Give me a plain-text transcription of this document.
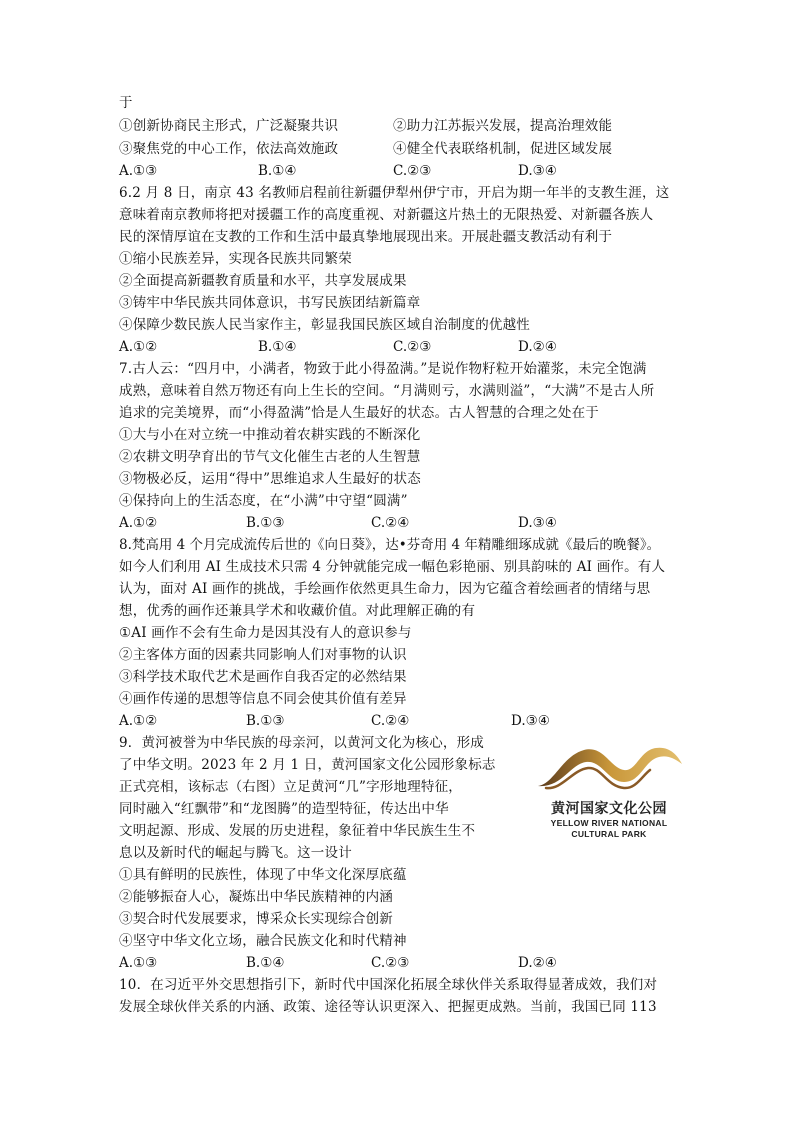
于
①创新协商民主形式，广泛凝聚共识	②助力江苏振兴发展，提高治理效能
③聚焦党的中心工作，依法高效施政	④健全代表联络机制，促进区域发展
A.①③	B.①④	C.②③	D.③④
6.2 月 8 日，南京 43 名教师启程前往新疆伊犁州伊宁市，开启为期一年半的支教生涯，这
意味着南京教师将把对援疆工作的高度重视、对新疆这片热土的无限热爱、对新疆各族人
民的深情厚谊在支教的工作和生活中最真挚地展现出来。开展赴疆支教活动有利于
①缩小民族差异，实现各民族共同繁荣
②全面提高新疆教育质量和水平，共享发展成果
③铸牢中华民族共同体意识，书写民族团结新篇章
④保障少数民族人民当家作主，彰显我国民族区域自治制度的优越性
A.①②	B.①④	C.②③	D.②④
7.古人云：“四月中，小满者，物致于此小得盈满。”是说作物籽粒开始灌浆，未完全饱满
成熟，意味着自然万物还有向上生长的空间。“月满则亏，水满则溢”，“大满”不是古人所
追求的完美境界，而“小得盈满”恰是人生最好的状态。古人智慧的合理之处在于
①大与小在对立统一中推动着农耕实践的不断深化
②农耕文明孕育出的节气文化催生古老的人生智慧
③物极必反，运用“得中”思维追求人生最好的状态
④保持向上的生活态度，在“小满”中守望“圆满”
A.①②	B.①③	C.②④	D.③④
8.梵高用 4 个月完成流传后世的《向日葵》，达•芬奇用 4 年精雕细琢成就《最后的晚餐》。
如今人们利用 AI 生成技术只需 4 分钟就能完成一幅色彩艳丽、别具韵味的 AI 画作。有人
认为，面对 AI 画作的挑战，手绘画作依然更具生命力，因为它蕴含着绘画者的情绪与思
想，优秀的画作还兼具学术和收藏价值。对此理解正确的有
①AI 画作不会有生命力是因其没有人的意识参与
②主客体方面的因素共同影响人们对事物的认识
③科学技术取代艺术是画作自我否定的必然结果
④画作传递的思想等信息不同会使其价值有差异
A.①②	B.①③	C.②④	D.③④
9．黄河被誉为中华民族的母亲河，以黄河文化为核心，形成
了中华文明。2023 年 2 月 1 日，黄河国家文化公园形象标志
正式亮相，该标志（右图）立足黄河“几”字形地理特征，
同时融入“红飘带”和“龙图腾”的造型特征，传达出中华
文明起源、形成、发展的历史进程，象征着中华民族生生不
息以及新时代的崛起与腾飞。这一设计
黄河国家文化公园
YELLOW RIVER NATIONAL
CULTURAL PARK
①具有鲜明的民族性，体现了中华文化深厚底蕴
②能够振奋人心，凝炼出中华民族精神的内涵
③契合时代发展要求，博采众长实现综合创新
④坚守中华文化立场，融合民族文化和时代精神
A.①③	B.①④	C.②③	D.②④
10．在习近平外交思想指引下，新时代中国深化拓展全球伙伴关系取得显著成效，我们对
发展全球伙伴关系的内涵、政策、途径等认识更深入、把握更成熟。当前，我国已同 113
